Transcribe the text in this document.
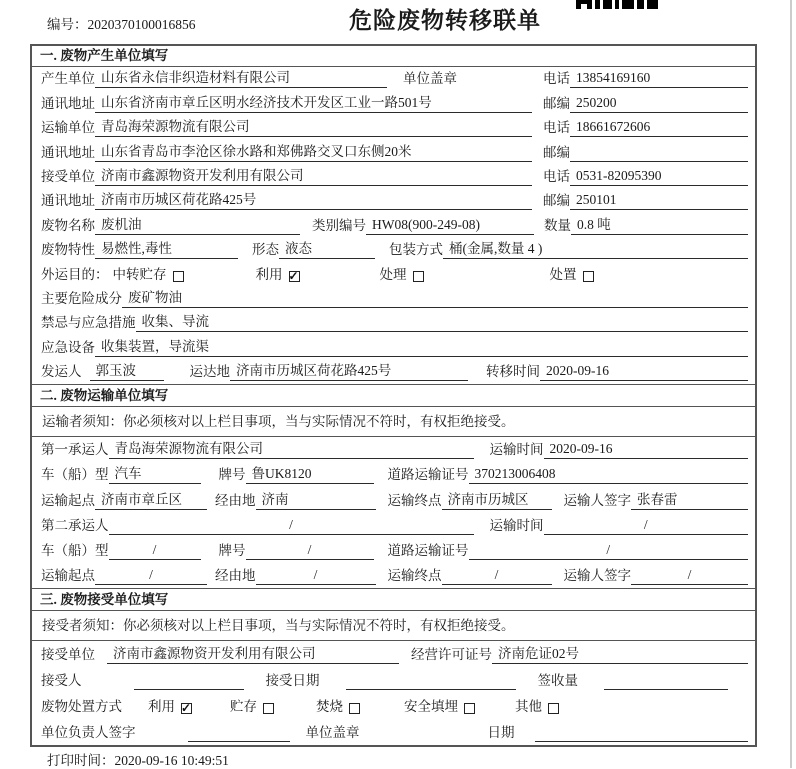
编号：2020370100016856	危险废物转移联单
一. 废物产生单位填写
产生单位 山东省永信非织造材料有限公司	单位盖章	电话 13854169160
通讯地址 山东省济南市章丘区明水经济技术开发区工业一路501号	邮编 250200
运输单位 青岛海荣源物流有限公司	电话 18661672606
通讯地址 山东省青岛市李沧区徐水路和郑佛路交叉口东侧20米	邮编
接受单位 济南市鑫源物资开发利用有限公司	电话 0531-82095390
通讯地址 济南市历城区荷花路425号	邮编 250101
废物名称 废机油	类别编号 HW08(900-249-08)	数量 0.8 吨
废物特性 易燃性,毒性	形态 液态	包装方式 桶(金属,数量 4 )
外运目的： 中转贮存	利用 ✓	处理	处置
主要危险成分 废矿物油
禁忌与应急措施 收集、导流
应急设备 收集装置，导流渠
发运人	郭玉波	运达地 济南市历城区荷花路425号	转移时间 2020-09-16
二. 废物运输单位填写
运输者须知：你必须核对以上栏目事项，当与实际情况不符时，有权拒绝接受。
第一承运人 青岛海荣源物流有限公司	运输时间 2020-09-16
车（船）型 汽车	牌号 鲁UK8120	道路运输证号 370213006408
运输起点 济南市章丘区	经由地 济南	运输终点 济南市历城区	运输人签字 张春雷
第二承运人	/	运输时间	/
车（船）型	/	牌号	/	道路运输证号	/
运输起点	/	经由地	/	运输终点	/	运输人签字	/
三. 废物接受单位填写
接受者须知：你必须核对以上栏目事项，当与实际情况不符时，有权拒绝接受。
接受单位	济南市鑫源物资开发利用有限公司	经营许可证号 济南危证02号
接受人	接受日期	签收量
废物处置方式 利用 ✓	贮存	焚烧	安全填埋	其他
单位负责人签字	单位盖章	日期
打印时间：2020-09-16 10:49:51
